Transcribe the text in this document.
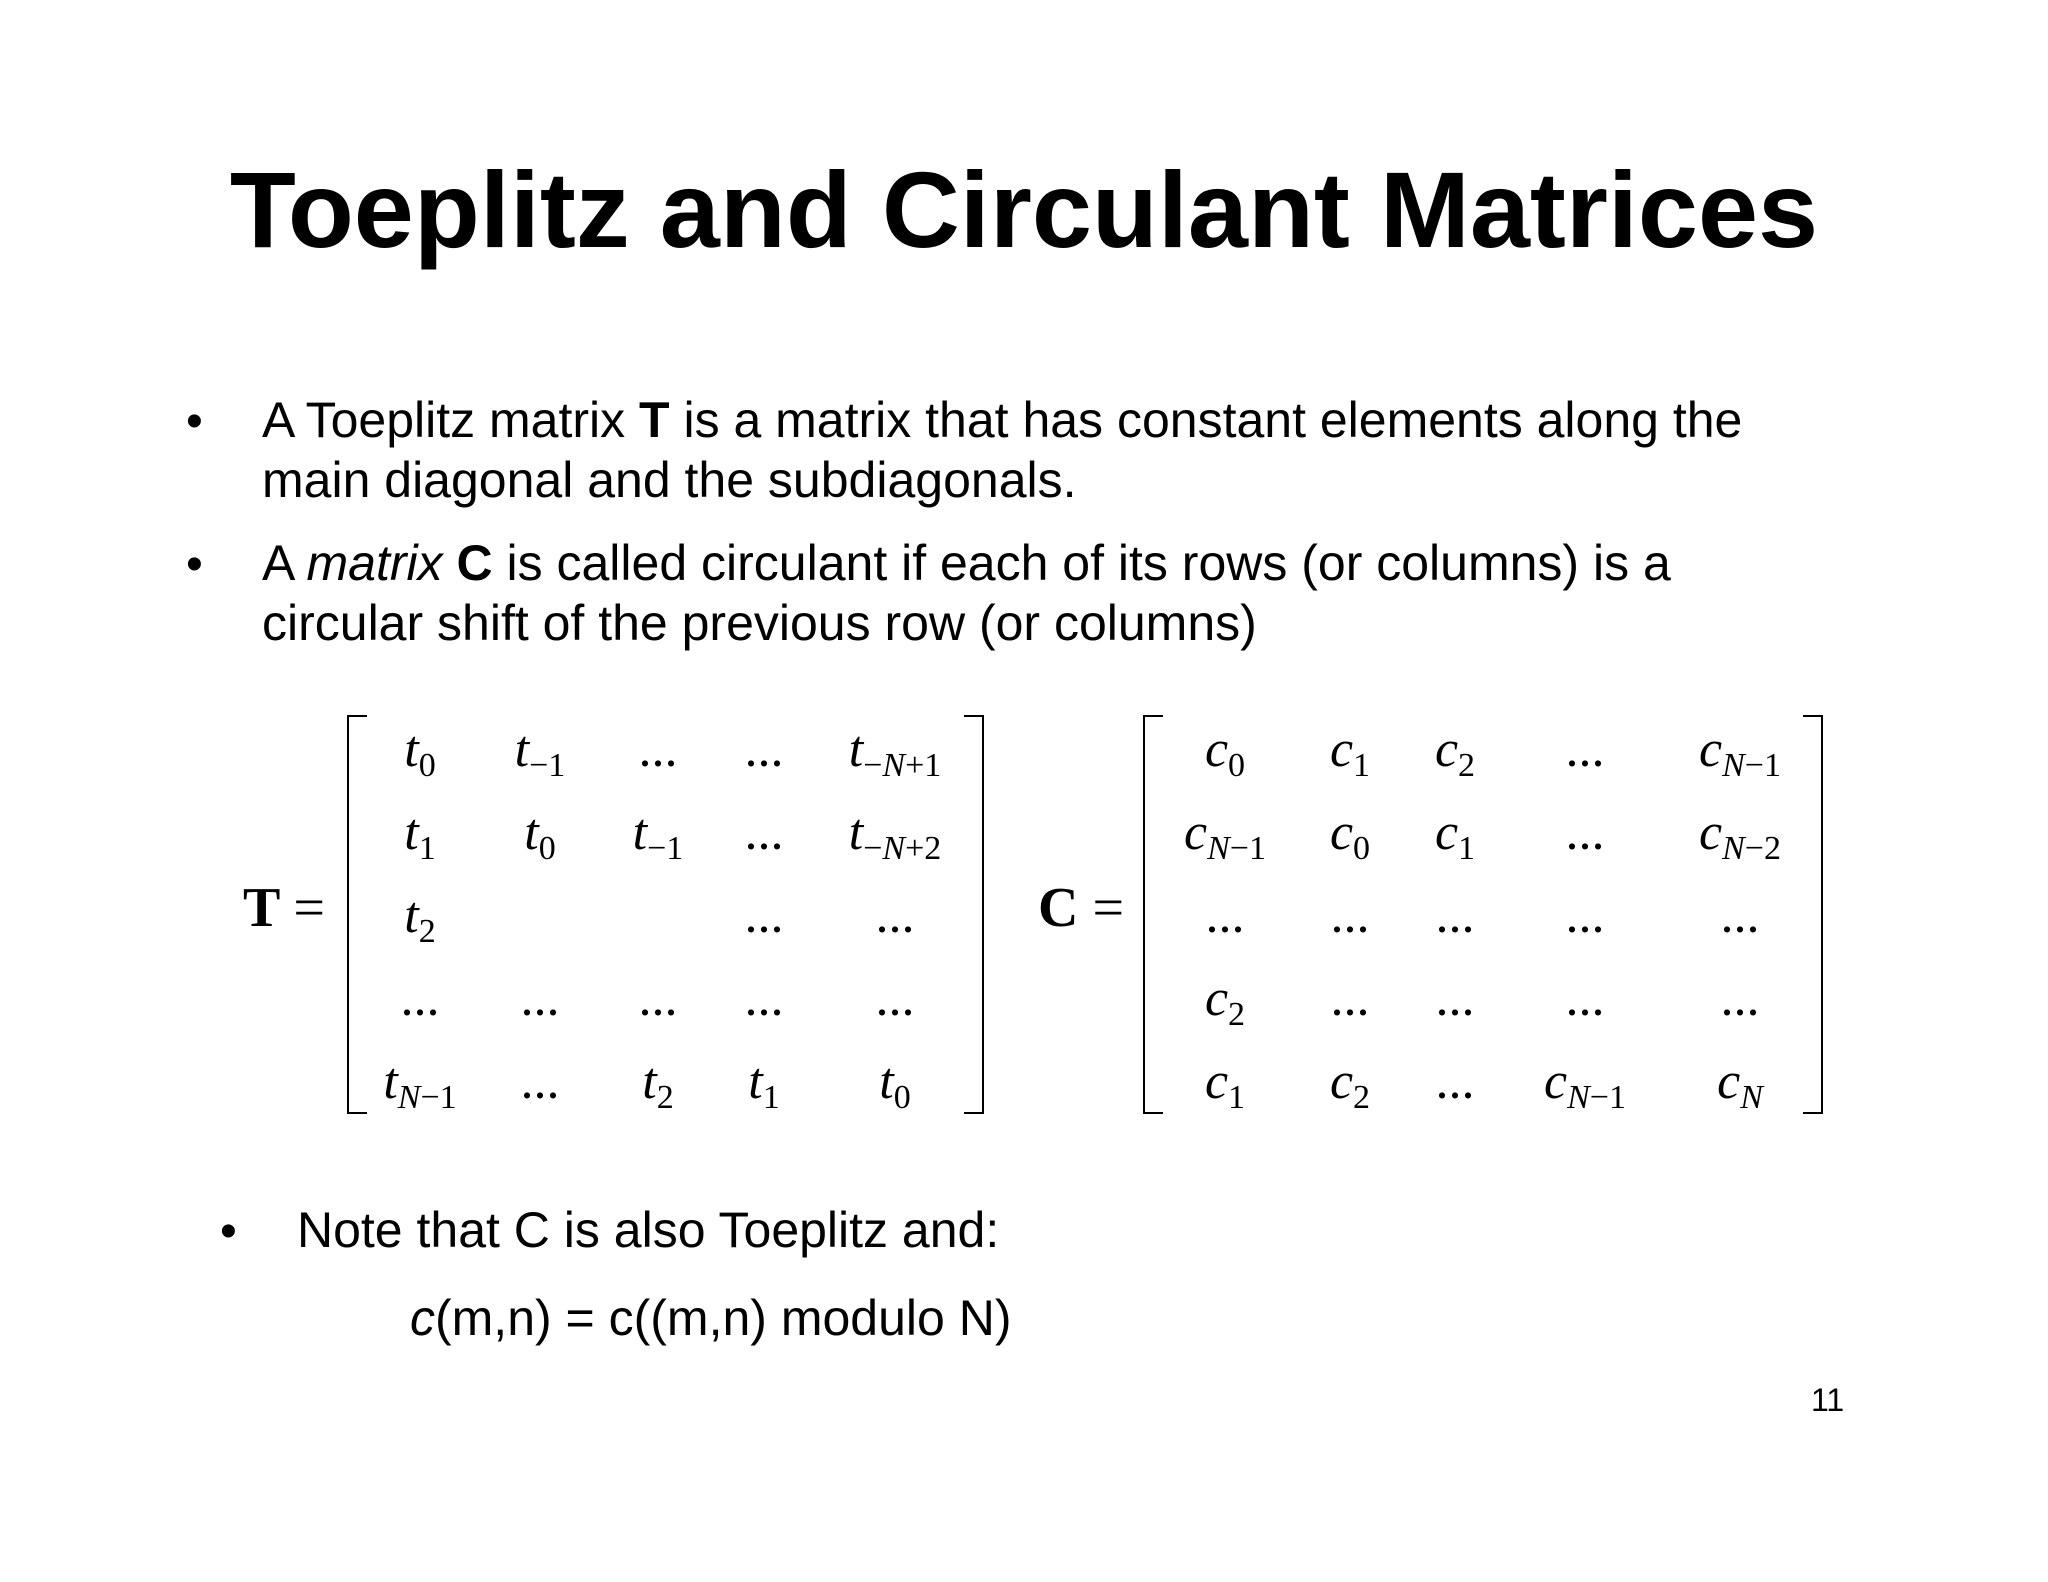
Toeplitz and Circulant Matrices
• A Toeplitz matrix T is a matrix that has constant elements along the
main diagonal and the subdiagonals.
• A matrix C is called circulant if each of its rows (or columns) is a
circular shift of the previous row (or columns)
T =
$t_0$ $t_{-1}$ ... ... $t_{-N+1}$
$t_1$ $t_0$ $t_{-1}$ ... $t_{-N+2}$
$t_2$	... ...
... ... ... ... ...
$t_{N-1}$ ... $t_2$ $t_1$ $t_0$
C =
$c_0$ $c_1$ $c_2$ ... $c_{N-1}$
$c_{N-1}$ $c_0$ $c_1$ ... $c_{N-2}$
... ... ... ... ...
$c_2$ ... ... ... ...
$c_1$ $c_2$ ... $c_{N-1}$ $c_N$
• Note that C is also Toeplitz and:
c(m,n) = c((m,n) modulo N)
11
